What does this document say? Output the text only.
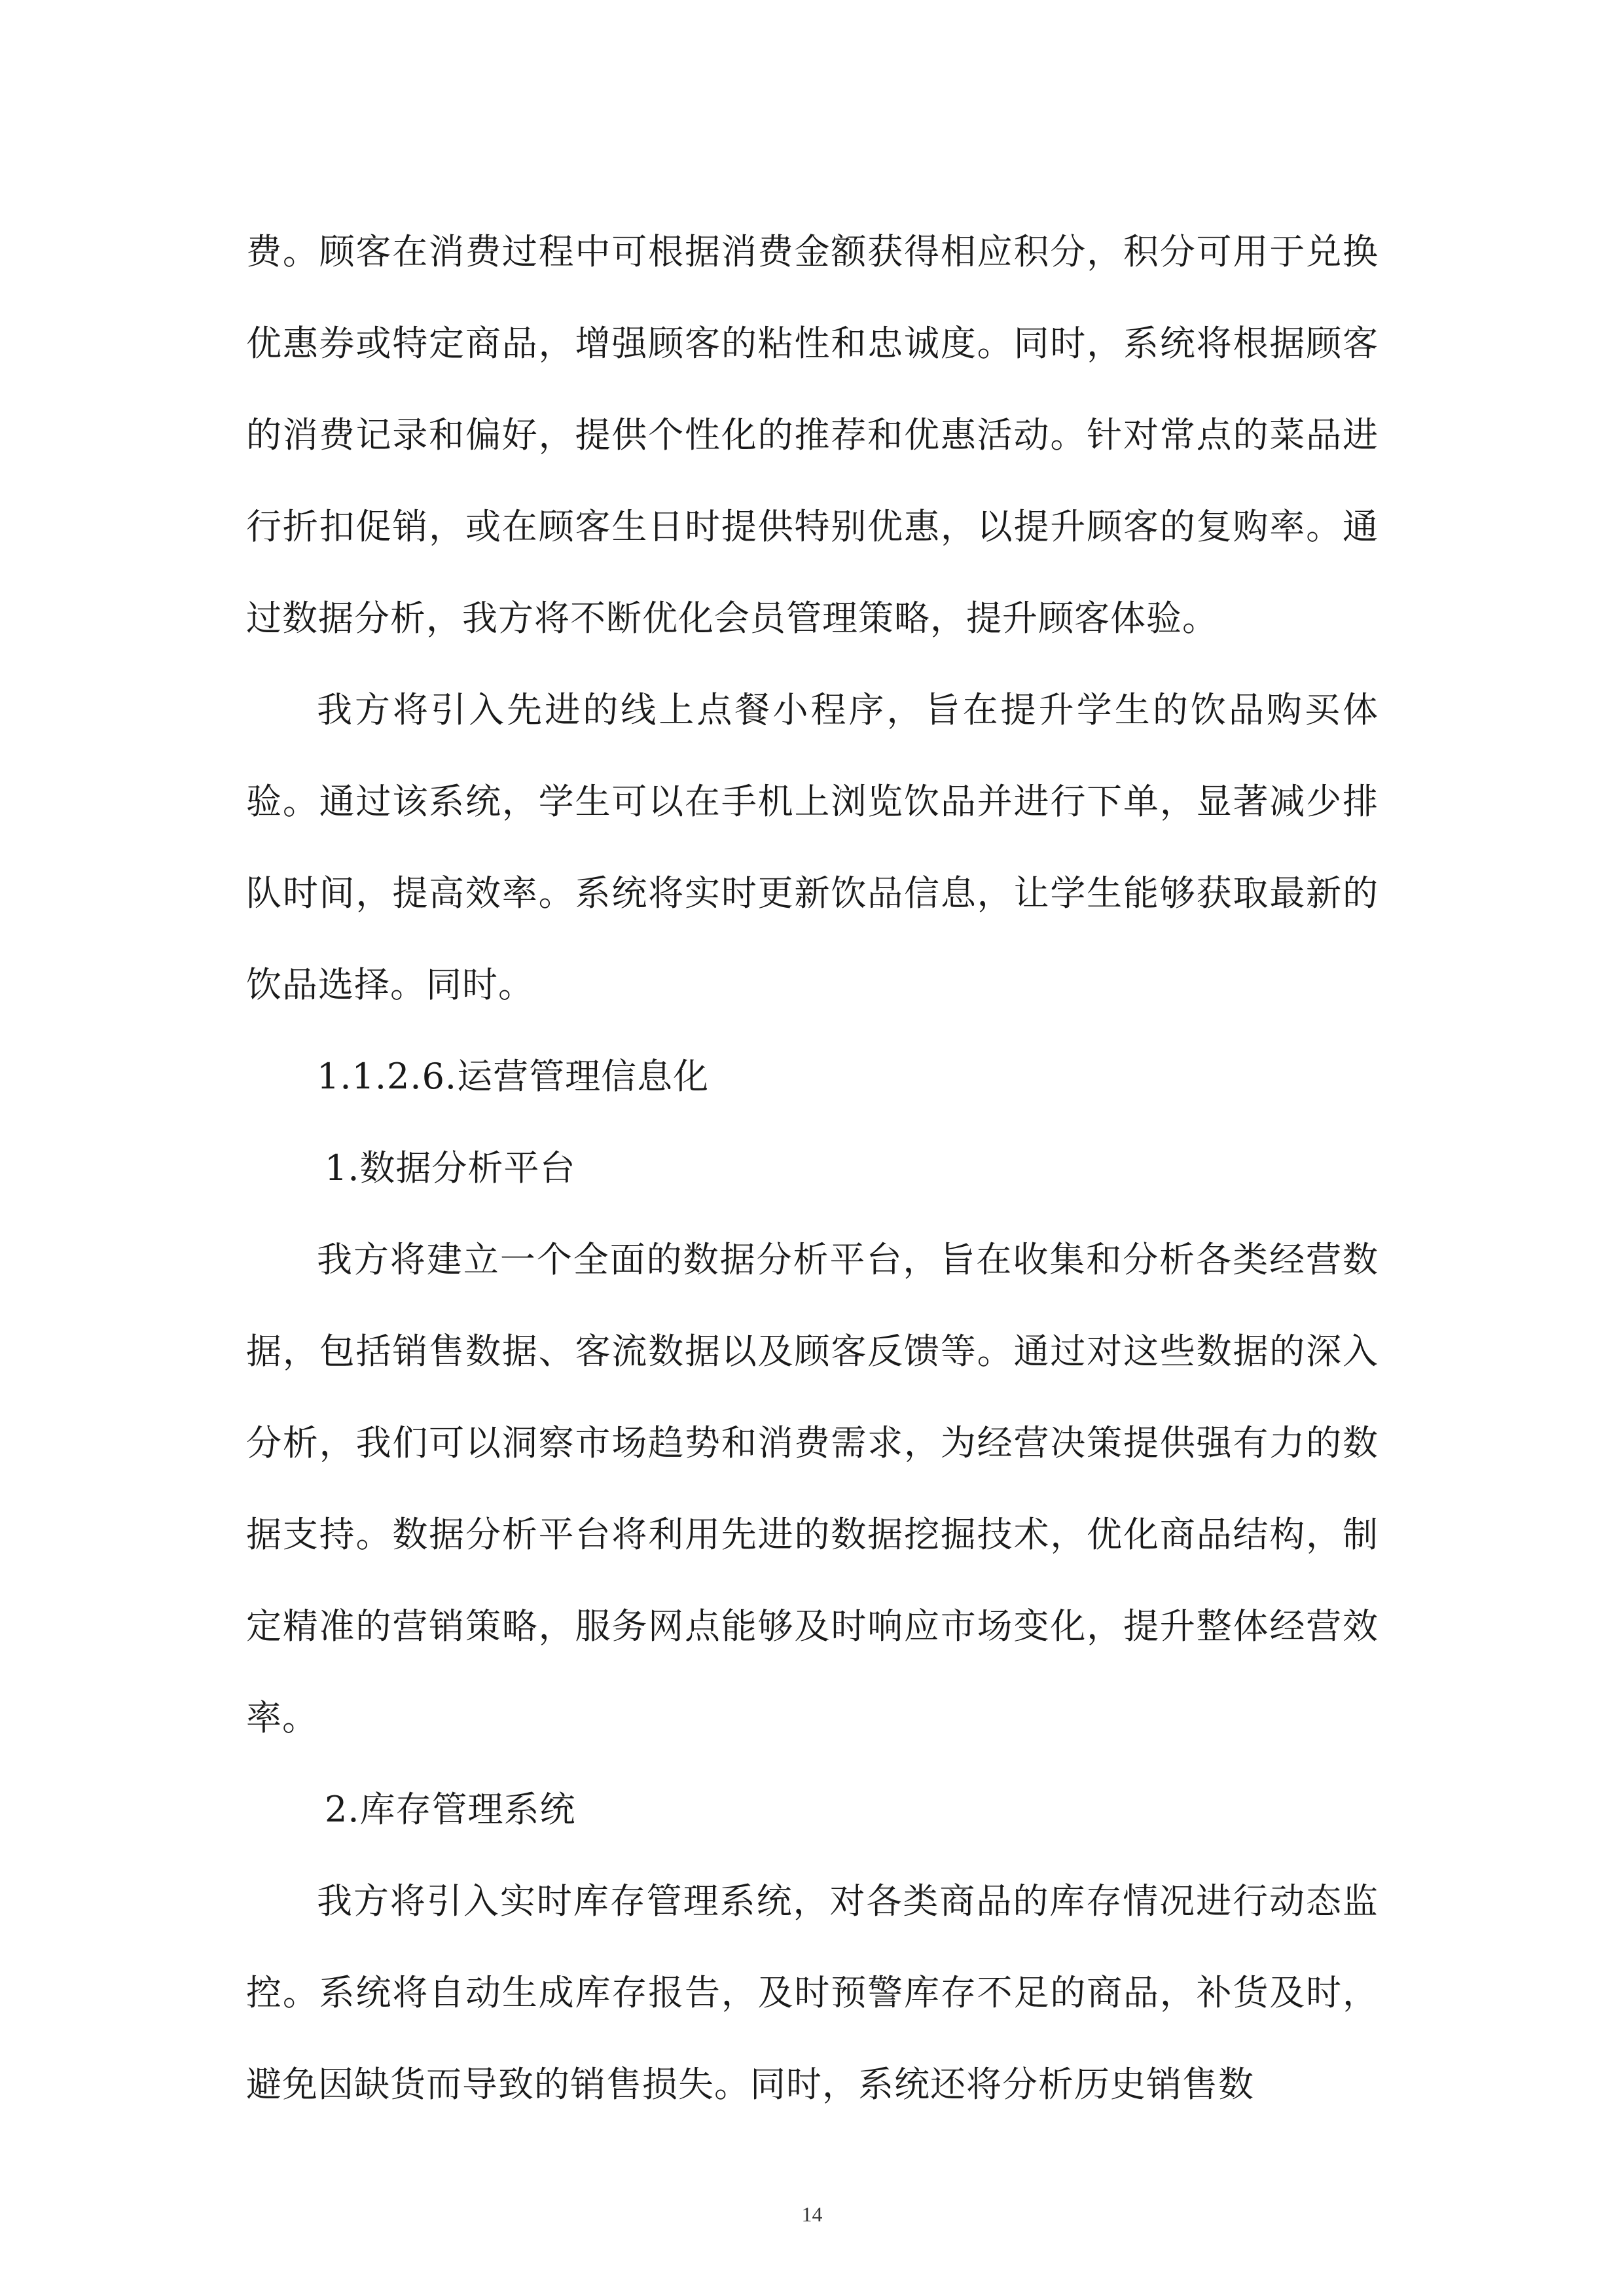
费。顾客在消费过程中可根据消费金额获得相应积分，积分可用于兑换优惠券或特定商品，增强顾客的粘性和忠诚度。同时，系统将根据顾客的消费记录和偏好，提供个性化的推荐和优惠活动。针对常点的菜品进行折扣促销，或在顾客生日时提供特别优惠，以提升顾客的复购率。通过数据分析，我方将不断优化会员管理策略，提升顾客体验。

我方将引入先进的线上点餐小程序，旨在提升学生的饮品购买体验。通过该系统，学生可以在手机上浏览饮品并进行下单，显著减少排队时间，提高效率。系统将实时更新饮品信息，让学生能够获取最新的饮品选择。同时。

1.1.2.6.运营管理信息化

1.数据分析平台

我方将建立一个全面的数据分析平台，旨在收集和分析各类经营数据，包括销售数据、客流数据以及顾客反馈等。通过对这些数据的深入分析，我们可以洞察市场趋势和消费需求，为经营决策提供强有力的数据支持。数据分析平台将利用先进的数据挖掘技术，优化商品结构，制定精准的营销策略，服务网点能够及时响应市场变化，提升整体经营效率。

2.库存管理系统

我方将引入实时库存管理系统，对各类商品的库存情况进行动态监控。系统将自动生成库存报告，及时预警库存不足的商品，补货及时，避免因缺货而导致的销售损失。同时，系统还将分析历史销售数

14
